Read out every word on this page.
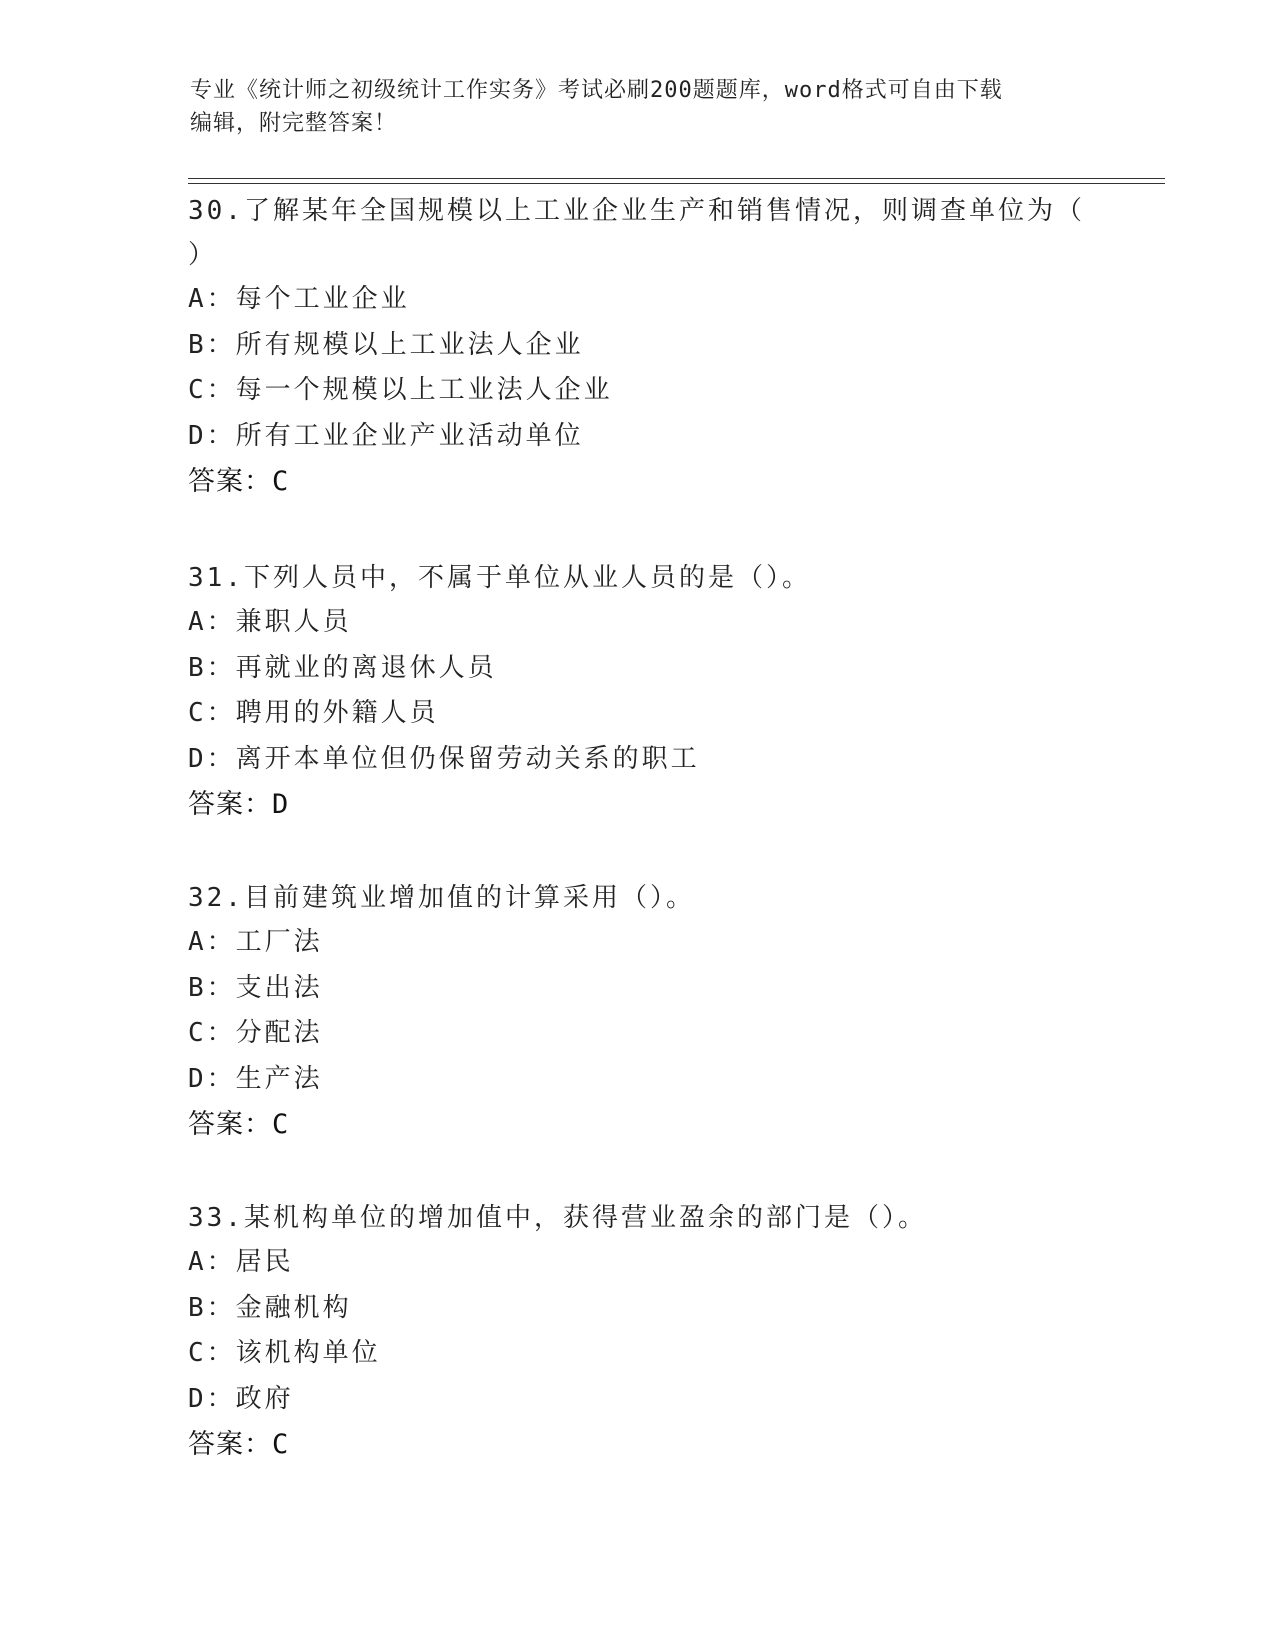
专业《统计师之初级统计工作实务》考试必刷200题题库，word格式可自由下载
编辑，附完整答案！

30.了解某年全国规模以上工业企业生产和销售情况，则调查单位为（

）

A：每个工业企业

B：所有规模以上工业法人企业

C：每一个规模以上工业法人企业

D：所有工业企业产业活动单位

答案：C

31.下列人员中，不属于单位从业人员的是（）。

A：兼职人员

B：再就业的离退休人员

C：聘用的外籍人员

D：离开本单位但仍保留劳动关系的职工

答案：D

32.目前建筑业增加值的计算采用（）。

A：工厂法

B：支出法

C：分配法

D：生产法

答案：C

33.某机构单位的增加值中，获得营业盈余的部门是（）。

A：居民

B：金融机构

C：该机构单位

D：政府

答案：C
